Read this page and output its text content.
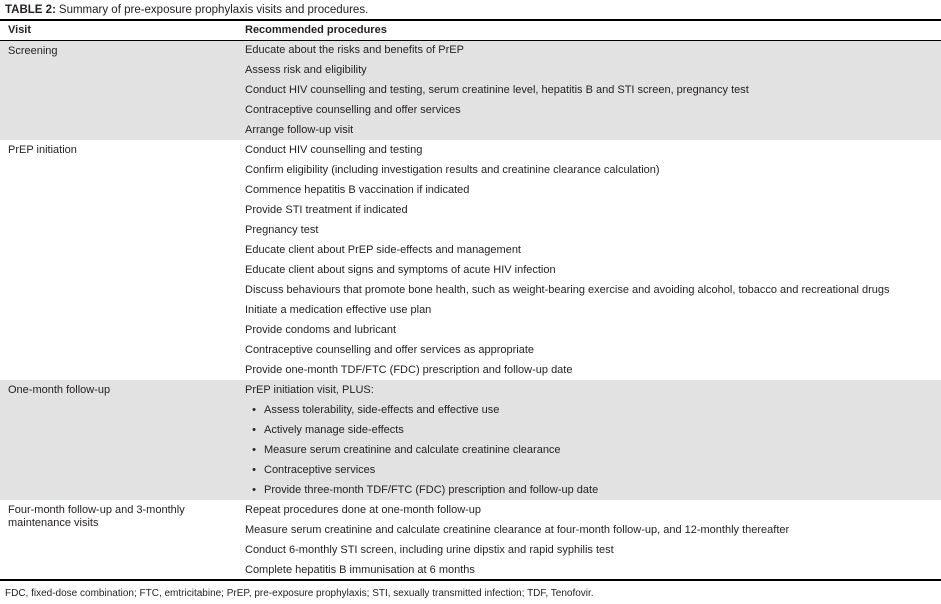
TABLE 2: Summary of pre-exposure prophylaxis visits and procedures.
Visit	Recommended procedures
Screening	Educate about the risks and benefits of PrEP
	Assess risk and eligibility
	Conduct HIV counselling and testing, serum creatinine level, hepatitis B and STI screen, pregnancy test
	Contraceptive counselling and offer services
	Arrange follow-up visit
PrEP initiation	Conduct HIV counselling and testing
	Confirm eligibility (including investigation results and creatinine clearance calculation)
	Commence hepatitis B vaccination if indicated
	Provide STI treatment if indicated
	Pregnancy test
	Educate client about PrEP side-effects and management
	Educate client about signs and symptoms of acute HIV infection
	Discuss behaviours that promote bone health, such as weight-bearing exercise and avoiding alcohol, tobacco and recreational drugs
	Initiate a medication effective use plan
	Provide condoms and lubricant
	Contraceptive counselling and offer services as appropriate
	Provide one-month TDF/FTC (FDC) prescription and follow-up date
One-month follow-up	PrEP initiation visit, PLUS:
	• Assess tolerability, side-effects and effective use
	• Actively manage side-effects
	• Measure serum creatinine and calculate creatinine clearance
	• Contraceptive services
	• Provide three-month TDF/FTC (FDC) prescription and follow-up date
Four-month follow-up and 3-monthly maintenance visits	Repeat procedures done at one-month follow-up
	Measure serum creatinine and calculate creatinine clearance at four-month follow-up, and 12-monthly thereafter
	Conduct 6-monthly STI screen, including urine dipstix and rapid syphilis test
	Complete hepatitis B immunisation at 6 months
FDC, fixed-dose combination; FTC, emtricitabine; PrEP, pre-exposure prophylaxis; STI, sexually transmitted infection; TDF, Tenofovir.
